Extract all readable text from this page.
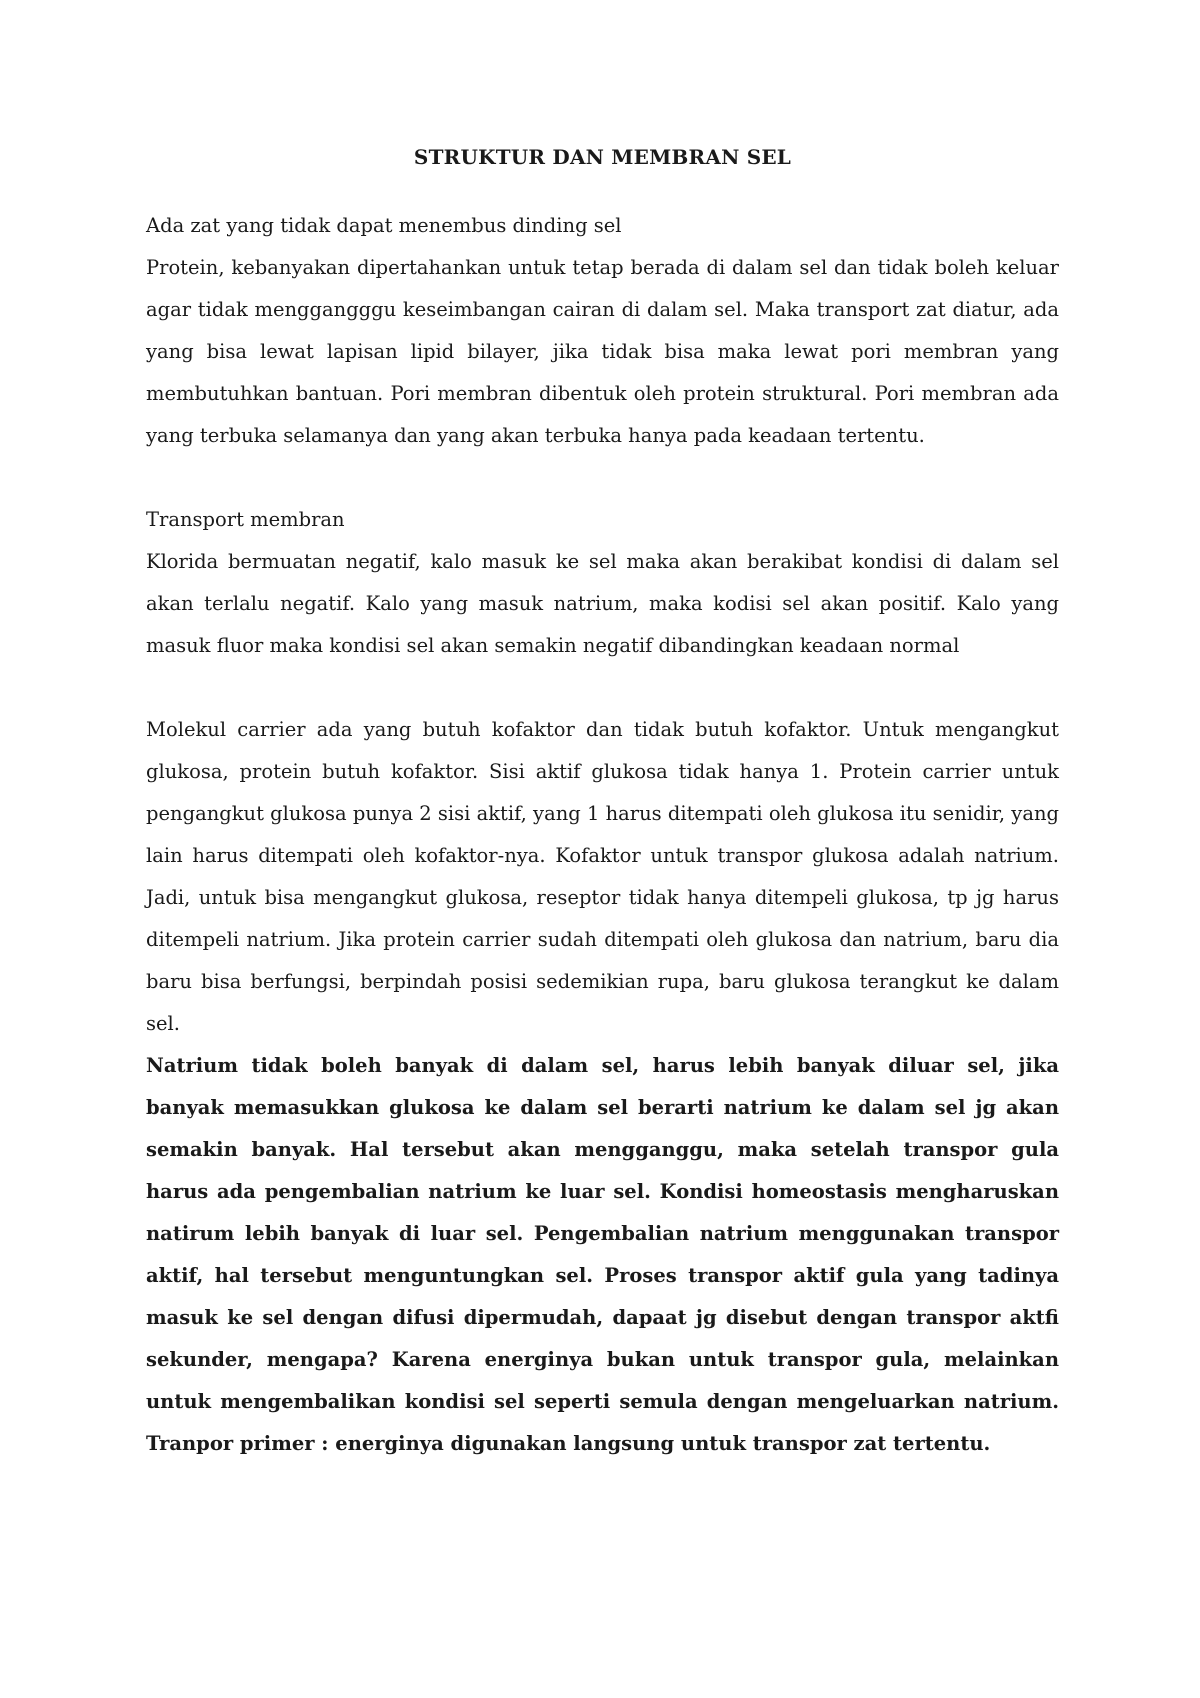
STRUKTUR DAN MEMBRAN SEL

Ada zat yang tidak dapat menembus dinding sel
Protein, kebanyakan dipertahankan untuk tetap berada di dalam sel dan tidak boleh keluar agar tidak menggangggu keseimbangan cairan di dalam sel. Maka transport zat diatur, ada yang bisa lewat lapisan lipid bilayer, jika tidak bisa maka lewat pori membran yang membutuhkan bantuan. Pori membran dibentuk oleh protein struktural. Pori membran ada yang terbuka selamanya dan yang akan terbuka hanya pada keadaan tertentu.

Transport membran
Klorida bermuatan negatif, kalo masuk ke sel maka akan berakibat kondisi di dalam sel akan terlalu negatif. Kalo yang masuk natrium, maka kodisi sel akan positif. Kalo yang masuk fluor maka kondisi sel akan semakin negatif dibandingkan keadaan normal

Molekul carrier ada yang butuh kofaktor dan tidak butuh kofaktor. Untuk mengangkut glukosa, protein butuh kofaktor. Sisi aktif glukosa tidak hanya 1. Protein carrier untuk pengangkut glukosa punya 2 sisi aktif, yang 1 harus ditempati oleh glukosa itu senidir, yang lain harus ditempati oleh kofaktor-nya. Kofaktor untuk transpor glukosa adalah natrium. Jadi, untuk bisa mengangkut glukosa, reseptor tidak hanya ditempeli glukosa, tp jg harus ditempeli natrium. Jika protein carrier sudah ditempati oleh glukosa dan natrium, baru dia baru bisa berfungsi, berpindah posisi sedemikian rupa, baru glukosa terangkut ke dalam sel.

Natrium tidak boleh banyak di dalam sel, harus lebih banyak diluar sel, jika banyak memasukkan glukosa ke dalam sel berarti natrium ke dalam sel jg akan semakin banyak. Hal tersebut akan mengganggu, maka setelah transpor gula harus ada pengembalian natrium ke luar sel. Kondisi homeostasis mengharuskan natirum lebih banyak di luar sel. Pengembalian natrium menggunakan transpor aktif, hal tersebut menguntungkan sel. Proses transpor aktif gula yang tadinya masuk ke sel dengan difusi dipermudah, dapaat jg disebut dengan transpor aktfi sekunder, mengapa? Karena energinya bukan untuk transpor gula, melainkan untuk mengembalikan kondisi sel seperti semula dengan mengeluarkan natrium. Tranpor primer : energinya digunakan langsung untuk transpor zat tertentu.
